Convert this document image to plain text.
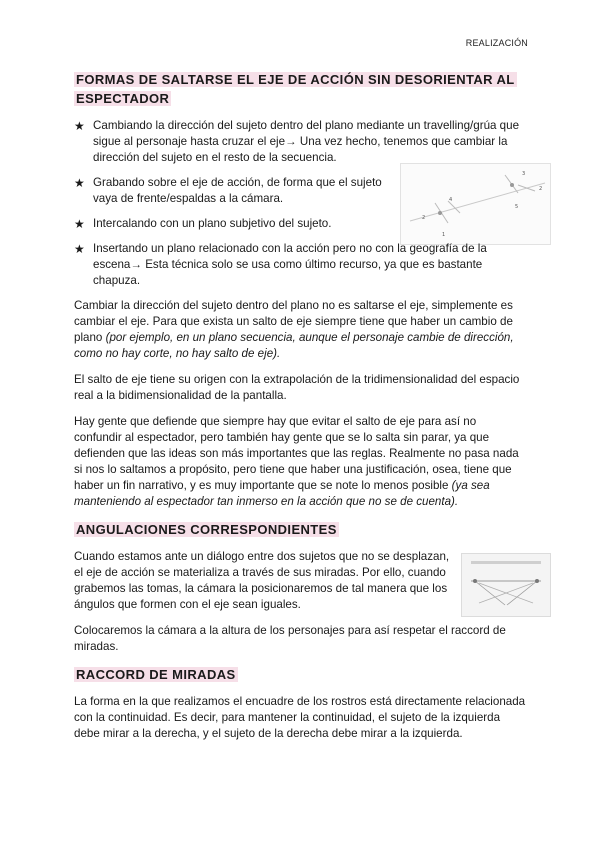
REALIZACIÓN
3
2
4
1
5
2
FORMAS DE SALTARSE EL EJE DE ACCIÓN SIN DESORIENTAR AL ESPECTADOR
★ Cambiando la dirección del sujeto dentro del plano mediante un travelling/grúa que sigue al personaje hasta cruzar el eje→ Una vez hecho, tenemos que cambiar la dirección del sujeto en el resto de la secuencia.
★ Grabando sobre el eje de acción, de forma que el sujeto vaya de frente/espaldas a la cámara.
★ Intercalando con un plano subjetivo del sujeto.
★ Insertando un plano relacionado con la acción pero no con la geografía de la escena→ Esta técnica solo se usa como último recurso, ya que es bastante chapuza.

Cambiar la dirección del sujeto dentro del plano no es saltarse el eje, simplemente es cambiar el eje. Para que exista un salto de eje siempre tiene que haber un cambio de plano (por ejemplo, en un plano secuencia, aunque el personaje cambie de dirección, como no hay corte, no hay salto de eje).

El salto de eje tiene su origen con la extrapolación de la tridimensionalidad del espacio real a la bidimensionalidad de la pantalla.

Hay gente que defiende que siempre hay que evitar el salto de eje para así no confundir al espectador, pero también hay gente que se lo salta sin parar, ya que defienden que las ideas son más importantes que las reglas. Realmente no pasa nada si nos lo saltamos a propósito, pero tiene que haber una justificación, osea, tiene que haber un fin narrativo, y es muy importante que se note lo menos posible (ya sea manteniendo al espectador tan inmerso en la acción que no se de cuenta).

ANGULACIONES CORRESPONDIENTES

Cuando estamos ante un diálogo entre dos sujetos que no se desplazan, el eje de acción se materializa a través de sus miradas. Por ello, cuando grabemos las tomas, la cámara la posicionaremos de tal manera que los ángulos que formen con el eje sean iguales.

Colocaremos la cámara a la altura de los personajes para así respetar el raccord de miradas.

RACCORD DE MIRADAS

La forma en la que realizamos el encuadre de los rostros está directamente relacionada con la continuidad. Es decir, para mantener la continuidad, el sujeto de la izquierda debe mirar a la derecha, y el sujeto de la derecha debe mirar a la izquierda.
